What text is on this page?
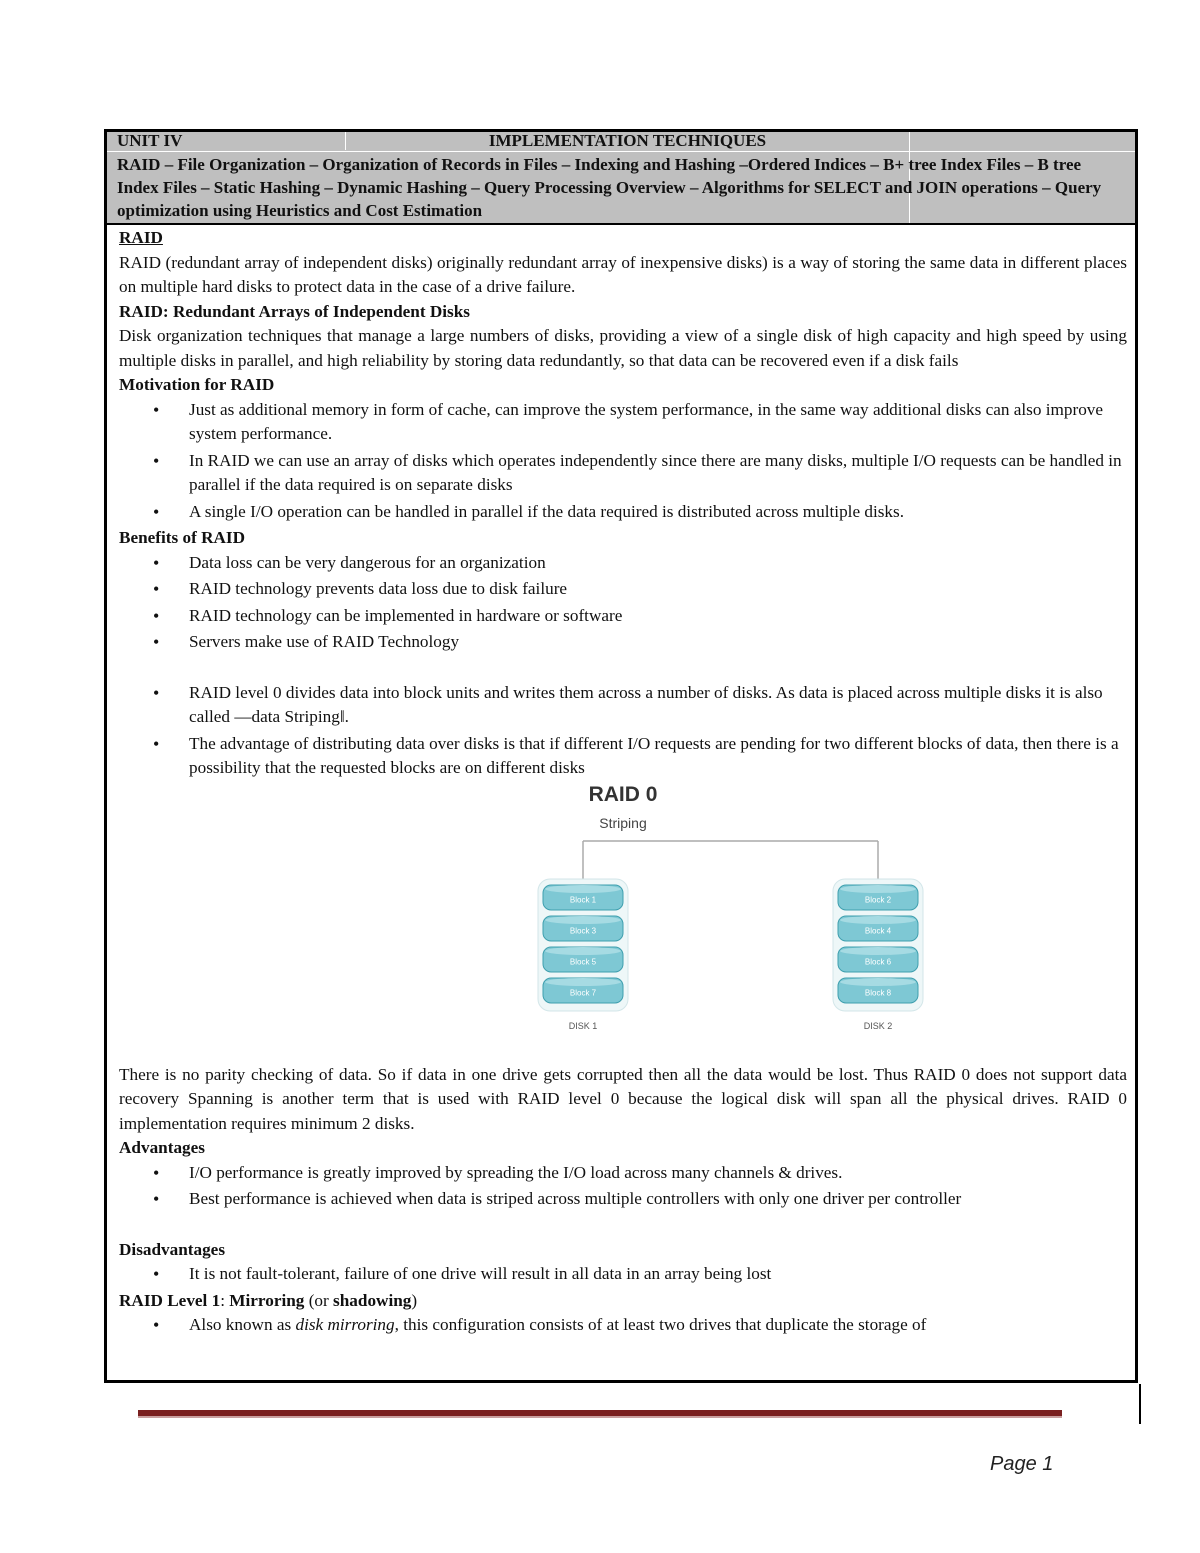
UNIT IV	IMPLEMENTATION TECHNIQUES
RAID – File Organization – Organization of Records in Files – Indexing and Hashing –Ordered Indices – B+ tree Index Files – B tree Index Files – Static Hashing – Dynamic Hashing – Query Processing Overview – Algorithms for SELECT and JOIN operations – Query optimization using Heuristics and Cost Estimation

RAID

RAID (redundant array of independent disks) originally redundant array of inexpensive disks) is a way of storing the same data in different places on multiple hard disks to protect data in the case of a drive failure.

RAID: Redundant Arrays of Independent Disks

Disk organization techniques that manage a large numbers of disks, providing a view of a single disk of high capacity and high speed by using multiple disks in parallel, and high reliability by storing data redundantly, so that data can be recovered even if a disk fails

Motivation for RAID

• Just as additional memory in form of cache, can improve the system performance, in the same way additional disks can also improve system performance.
• In RAID we can use an array of disks which operates independently since there are many disks, multiple I/O requests can be handled in parallel if the data required is on separate disks
• A single I/O operation can be handled in parallel if the data required is distributed across multiple disks.

Benefits of RAID

• Data loss can be very dangerous for an organization
• RAID technology prevents data loss due to disk failure
• RAID technology can be implemented in hardware or software
• Servers make use of RAID Technology
• RAID level 0 divides data into block units and writes them across a number of disks. As data is placed across multiple disks it is also called ―data Striping‖.
• The advantage of distributing data over disks is that if different I/O requests are pending for two different blocks of data, then there is a possibility that the requested blocks are on different disks
RAID 0
Striping
Block 1
Block 3
Block 5
Block 7
DISK 1
Block 2
Block 4
Block 6
Block 8
DISK 2

There is no parity checking of data. So if data in one drive gets corrupted then all the data would be lost. Thus RAID 0 does not support data recovery Spanning is another term that is used with RAID level 0 because the logical disk will span all the physical drives. RAID 0 implementation requires minimum 2 disks.

Advantages

• I/O performance is greatly improved by spreading the I/O load across many channels & drives.
• Best performance is achieved when data is striped across multiple controllers with only one driver per controller

Disadvantages

• It is not fault-tolerant, failure of one drive will result in all data in an array being lost

RAID Level 1: Mirroring (or shadowing)

• Also known as disk mirroring, this configuration consists of at least two drives that duplicate the storage of
Page 1
